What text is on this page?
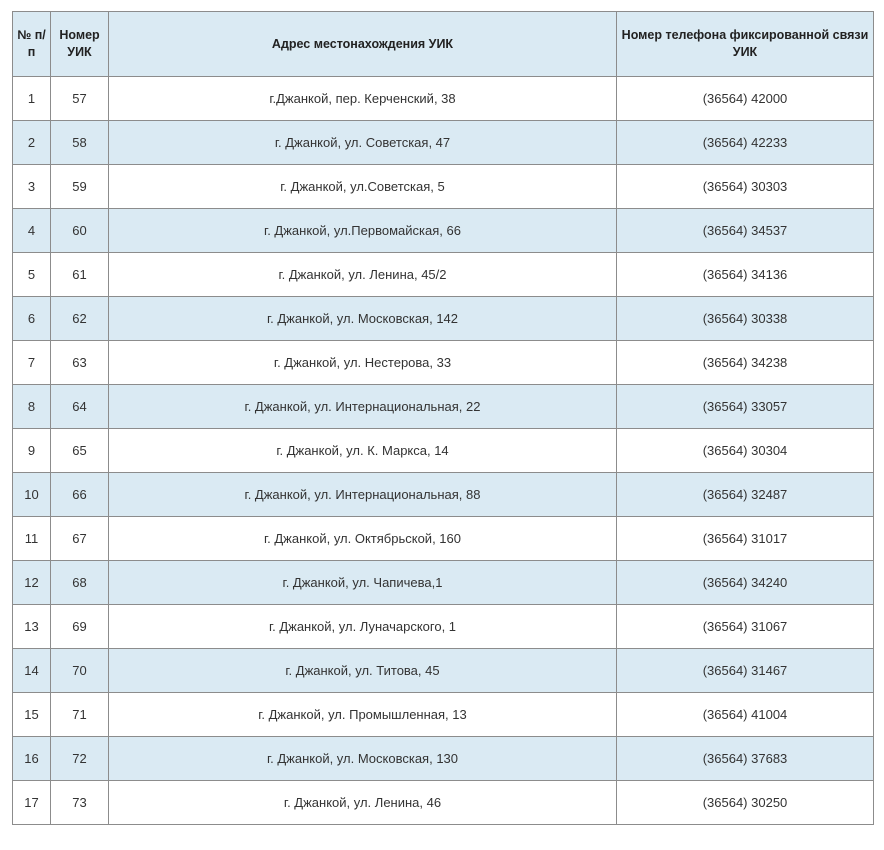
№ п/п	Номер УИК	Адрес местонахождения УИК	Номер телефона фиксированной связи УИК
1	57	г.Джанкой, пер. Керченский, 38	(36564) 42000
2	58	г. Джанкой, ул. Советская, 47	(36564) 42233
3	59	г. Джанкой, ул.Советская, 5	(36564) 30303
4	60	г. Джанкой, ул.Первомайская, 66	(36564) 34537
5	61	г. Джанкой, ул. Ленина, 45/2	(36564) 34136
6	62	г. Джанкой, ул. Московская, 142	(36564) 30338
7	63	г. Джанкой, ул. Нестерова, 33	(36564) 34238
8	64	г. Джанкой, ул. Интернациональная, 22	(36564) 33057
9	65	г. Джанкой, ул. К. Маркса, 14	(36564) 30304
10	66	г. Джанкой, ул. Интернациональная, 88	(36564) 32487
11	67	г. Джанкой, ул. Октябрьской, 160	(36564) 31017
12	68	г. Джанкой, ул. Чапичева,1	(36564) 34240
13	69	г. Джанкой, ул. Луначарского, 1	(36564) 31067
14	70	г. Джанкой, ул. Титова, 45	(36564) 31467
15	71	г. Джанкой, ул. Промышленная, 13	(36564) 41004
16	72	г. Джанкой, ул. Московская, 130	(36564) 37683
17	73	г. Джанкой, ул. Ленина, 46	(36564) 30250
